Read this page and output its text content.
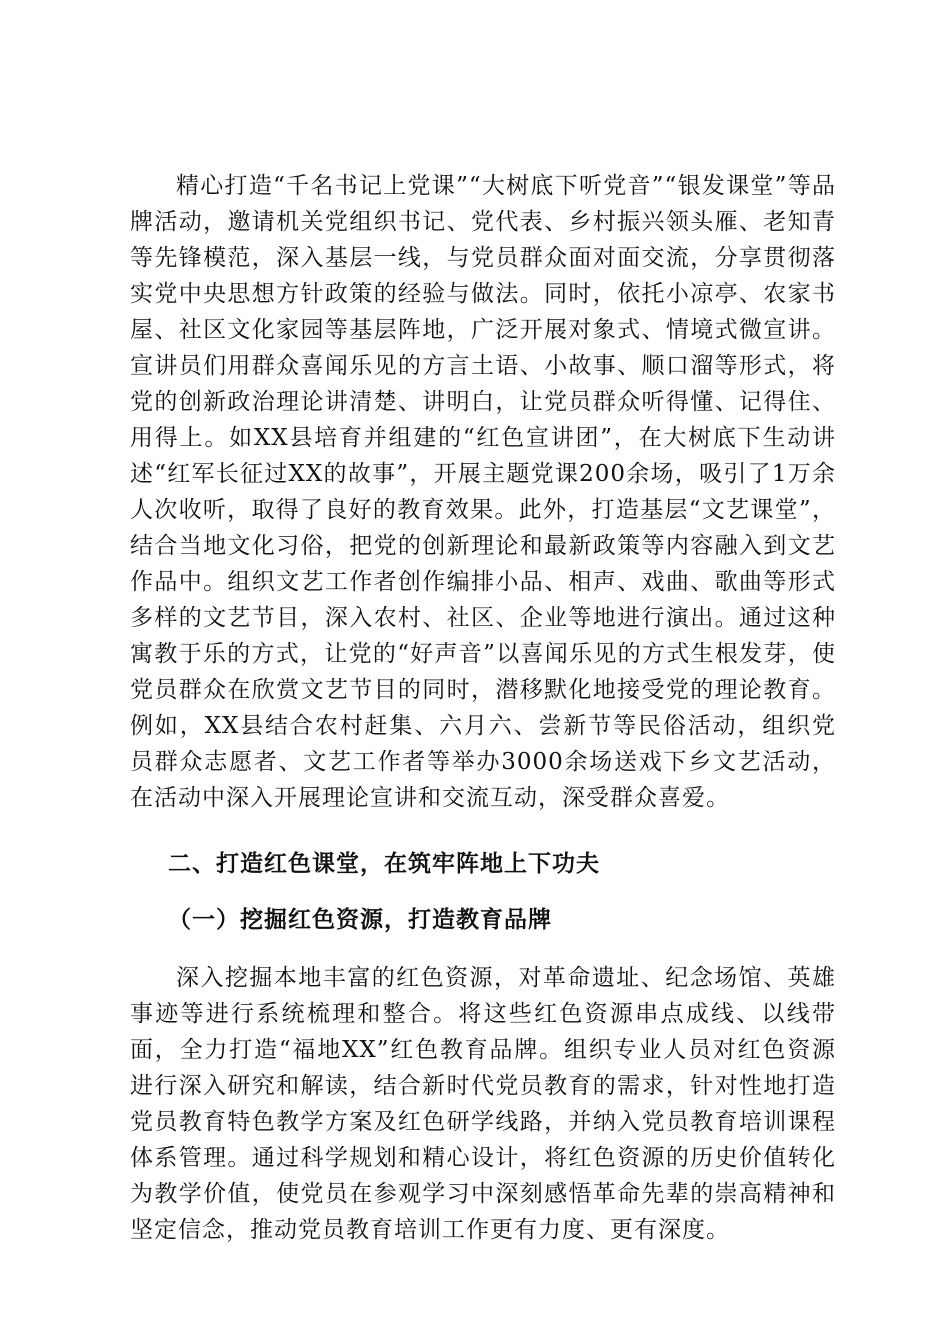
精心打造“千名书记上党课”“大树底下听党音”“银发课堂”等品牌活动，邀请机关党组织书记、党代表、乡村振兴领头雁、老知青等先锋模范，深入基层一线，与党员群众面对面交流，分享贯彻落实党中央思想方针政策的经验与做法。同时，依托小凉亭、农家书屋、社区文化家园等基层阵地，广泛开展对象式、情境式微宣讲。宣讲员们用群众喜闻乐见的方言土语、小故事、顺口溜等形式，将党的创新政治理论讲清楚、讲明白，让党员群众听得懂、记得住、用得上。如XX县培育并组建的“红色宣讲团”，在大树底下生动讲述“红军长征过XX的故事”，开展主题党课200余场，吸引了1万余人次收听，取得了良好的教育效果。此外，打造基层“文艺课堂”，结合当地文化习俗，把党的创新理论和最新政策等内容融入到文艺作品中。组织文艺工作者创作编排小品、相声、戏曲、歌曲等形式多样的文艺节目，深入农村、社区、企业等地进行演出。通过这种寓教于乐的方式，让党的“好声音”以喜闻乐见的方式生根发芽，使党员群众在欣赏文艺节目的同时，潜移默化地接受党的理论教育。例如，XX县结合农村赶集、六月六、尝新节等民俗活动，组织党员群众志愿者、文艺工作者等举办3000余场送戏下乡文艺活动，在活动中深入开展理论宣讲和交流互动，深受群众喜爱。

二、打造红色课堂，在筑牢阵地上下功夫
（一）挖掘红色资源，打造教育品牌

深入挖掘本地丰富的红色资源，对革命遗址、纪念场馆、英雄事迹等进行系统梳理和整合。将这些红色资源串点成线、以线带面，全力打造“福地XX”红色教育品牌。组织专业人员对红色资源进行深入研究和解读，结合新时代党员教育的需求，针对性地打造党员教育特色教学方案及红色研学线路，并纳入党员教育培训课程体系管理。通过科学规划和精心设计，将红色资源的历史价值转化为教学价值，使党员在参观学习中深刻感悟革命先辈的崇高精神和坚定信念，推动党员教育培训工作更有力度、更有深度。
